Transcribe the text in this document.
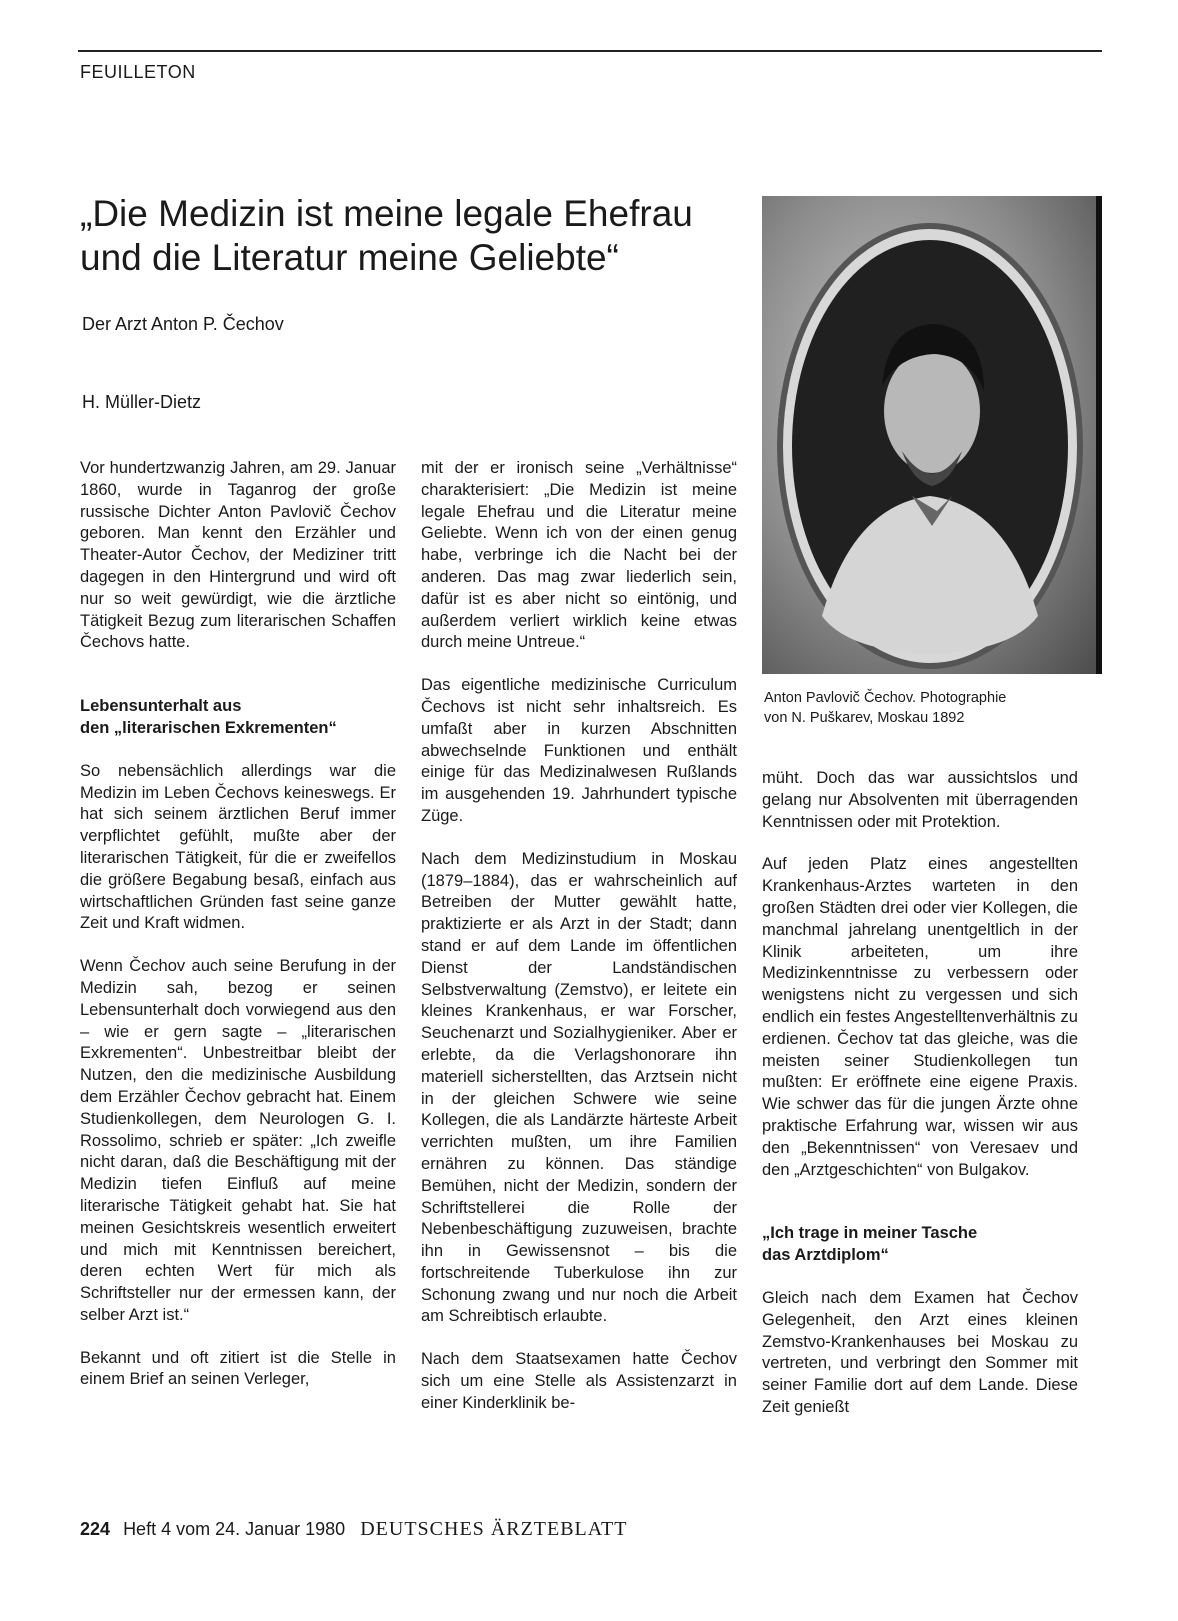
FEUILLETON
„Die Medizin ist meine legale Ehefrau
und die Literatur meine Geliebte“
Der Arzt Anton P. Čechov
H. Müller-Dietz
Anton Pavlovič Čechov. Photographie
von N. Puškarev, Moskau 1892

Vor hundertzwanzig Jahren, am 29. Januar 1860, wurde in Taganrog der große russische Dichter Anton Pavlovič Čechov geboren. Man kennt den Erzähler und Theater-Autor Čechov, der Mediziner tritt dagegen in den Hintergrund und wird oft nur so weit gewürdigt, wie die ärztliche Tätigkeit Bezug zum literarischen Schaffen Čechovs hatte.

Lebensunterhalt aus
den „literarischen Exkrementen“

So nebensächlich allerdings war die Medizin im Leben Čechovs keineswegs. Er hat sich seinem ärztlichen Beruf immer verpflichtet gefühlt, mußte aber der literarischen Tätigkeit, für die er zweifellos die größere Begabung besaß, einfach aus wirtschaftlichen Gründen fast seine ganze Zeit und Kraft widmen.

Wenn Čechov auch seine Berufung in der Medizin sah, bezog er seinen Lebensunterhalt doch vorwiegend aus den – wie er gern sagte – „literarischen Exkrementen“. Unbestreitbar bleibt der Nutzen, den die medizinische Ausbildung dem Erzähler Čechov gebracht hat. Einem Studienkollegen, dem Neurologen G. I. Rossolimo, schrieb er später: „Ich zweifle nicht daran, daß die Beschäftigung mit der Medizin tiefen Einfluß auf meine literarische Tätigkeit gehabt hat. Sie hat meinen Gesichtskreis wesentlich erweitert und mich mit Kenntnissen bereichert, deren echten Wert für mich als Schriftsteller nur der ermessen kann, der selber Arzt ist.“

Bekannt und oft zitiert ist die Stelle in einem Brief an seinen Verleger,

mit der er ironisch seine „Verhältnisse“ charakterisiert: „Die Medizin ist meine legale Ehefrau und die Literatur meine Geliebte. Wenn ich von der einen genug habe, verbringe ich die Nacht bei der anderen. Das mag zwar liederlich sein, dafür ist es aber nicht so eintönig, und außerdem verliert wirklich keine etwas durch meine Untreue.“

Das eigentliche medizinische Curriculum Čechovs ist nicht sehr inhaltsreich. Es umfaßt aber in kurzen Abschnitten abwechselnde Funktionen und enthält einige für das Medizinalwesen Rußlands im ausgehenden 19. Jahrhundert typische Züge.

Nach dem Medizinstudium in Moskau (1879–1884), das er wahrscheinlich auf Betreiben der Mutter gewählt hatte, praktizierte er als Arzt in der Stadt; dann stand er auf dem Lande im öffentlichen Dienst der Landständischen Selbstverwaltung (Zemstvo), er leitete ein kleines Krankenhaus, er war Forscher, Seuchenarzt und Sozialhygieniker. Aber er erlebte, da die Verlagshonorare ihn materiell sicherstellten, das Arztsein nicht in der gleichen Schwere wie seine Kollegen, die als Landärzte härteste Arbeit verrichten mußten, um ihre Familien ernähren zu können. Das ständige Bemühen, nicht der Medizin, sondern der Schriftstellerei die Rolle der Nebenbeschäftigung zuzuweisen, brachte ihn in Gewissensnot – bis die fortschreitende Tuberkulose ihn zur Schonung zwang und nur noch die Arbeit am Schreibtisch erlaubte.

Nach dem Staatsexamen hatte Čechov sich um eine Stelle als Assistenzarzt in einer Kinderklinik be-

müht. Doch das war aussichtslos und gelang nur Absolventen mit überragenden Kenntnissen oder mit Protektion.

Auf jeden Platz eines angestellten Krankenhaus-Arztes warteten in den großen Städten drei oder vier Kollegen, die manchmal jahrelang unentgeltlich in der Klinik arbeiteten, um ihre Medizinkenntnisse zu verbessern oder wenigstens nicht zu vergessen und sich endlich ein festes Angestelltenverhältnis zu erdienen. Čechov tat das gleiche, was die meisten seiner Studienkollegen tun mußten: Er eröffnete eine eigene Praxis. Wie schwer das für die jungen Ärzte ohne praktische Erfahrung war, wissen wir aus den „Bekenntnissen“ von Veresaev und den „Arztgeschichten“ von Bulgakov.

„Ich trage in meiner Tasche
das Arztdiplom“

Gleich nach dem Examen hat Čechov Gelegenheit, den Arzt eines kleinen Zemstvo-Krankenhauses bei Moskau zu vertreten, und verbringt den Sommer mit seiner Familie dort auf dem Lande. Diese Zeit genießt

224 Heft 4 vom 24. Januar 1980 DEUTSCHES ÄRZTEBLATT
